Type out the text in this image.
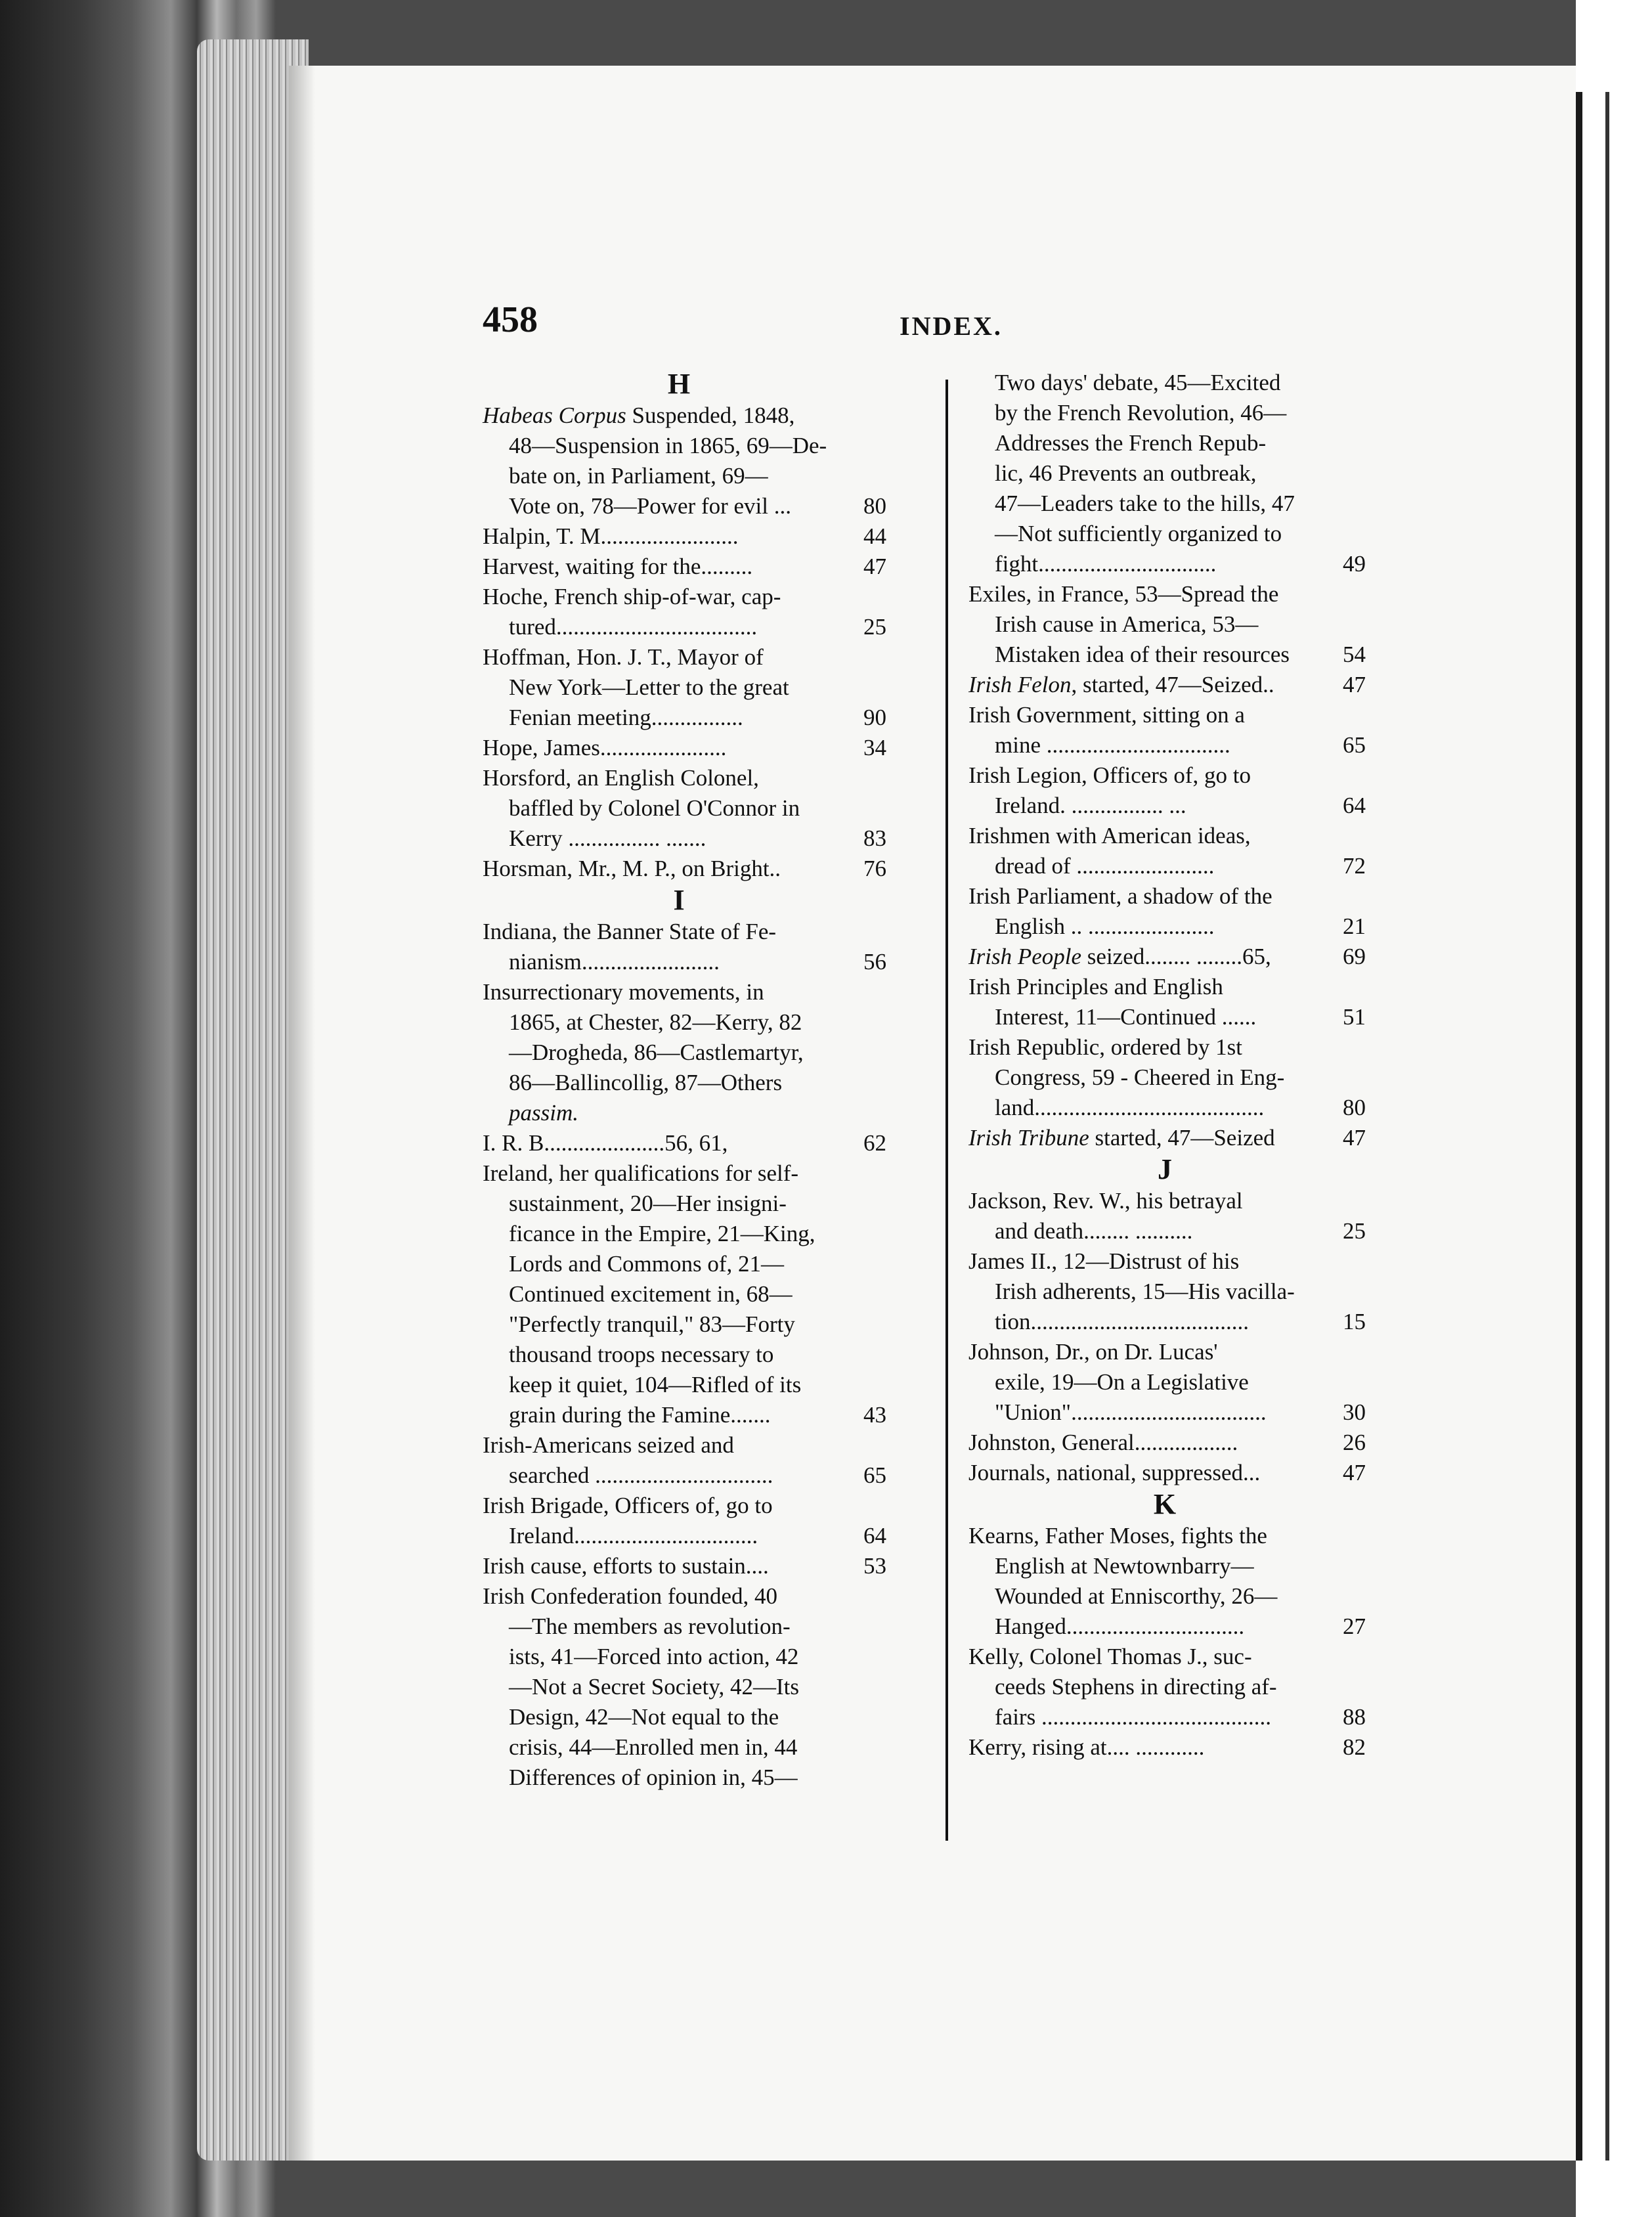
458	INDEX.
H
Habeas Corpus Suspended, 1848,
48—Suspension in 1865, 69—De-
bate on, in Parliament, 69—
Vote on, 78—Power for evil ...	80
Halpin, T. M........................	44
Harvest, waiting for the.........	47
Hoche, French ship-of-war, cap-
tured...................................	25
Hoffman, Hon. J. T., Mayor of
New York—Letter to the great
Fenian meeting................	90
Hope, James......................	34
Horsford, an English Colonel,
baffled by Colonel O'Connor in
Kerry ................ .......	83
Horsman, Mr., M. P., on Bright..	76
I
Indiana, the Banner State of Fe-
nianism........................	56
Insurrectionary movements, in
1865, at Chester, 82—Kerry, 82
—Drogheda, 86—Castlemartyr,
86—Ballincollig, 87—Others
passim.
I. R. B.....................56, 61,	62
Ireland, her qualifications for self-
sustainment, 20—Her insigni-
ficance in the Empire, 21—King,
Lords and Commons of, 21—
Continued excitement in, 68—
"Perfectly tranquil," 83—Forty
thousand troops necessary to
keep it quiet, 104—Rifled of its
grain during the Famine.......	43
Irish-Americans seized and
searched ...............................	65
Irish Brigade, Officers of, go to
Ireland................................	64
Irish cause, efforts to sustain....	53
Irish Confederation founded, 40
—The members as revolution-
ists, 41—Forced into action, 42
—Not a Secret Society, 42—Its
Design, 42—Not equal to the
crisis, 44—Enrolled men in, 44
Differences of opinion in, 45—
Two days' debate, 45—Excited
by the French Revolution, 46—
Addresses the French Repub-
lic, 46 Prevents an outbreak,
47—Leaders take to the hills, 47
—Not sufficiently organized to
fight...............................	49
Exiles, in France, 53—Spread the
Irish cause in America, 53—
Mistaken idea of their resources	54
Irish Felon, started, 47—Seized..	47
Irish Government, sitting on a
mine ................................	65
Irish Legion, Officers of, go to
Ireland. ................ ...	64
Irishmen with American ideas,
dread of ........................	72
Irish Parliament, a shadow of the
English .. ......................	21
Irish People seized........ ........65,	69
Irish Principles and English
Interest, 11—Continued ......	51
Irish Republic, ordered by 1st
Congress, 59 - Cheered in Eng-
land........................................	80
Irish Tribune started, 47—Seized	47
J
Jackson, Rev. W., his betrayal
and death........ ..........	25
James II., 12—Distrust of his
Irish adherents, 15—His vacilla-
tion......................................	15
Johnson, Dr., on Dr. Lucas'
exile, 19—On a Legislative
"Union"..................................	30
Johnston, General..................	26
Journals, national, suppressed...	47
K
Kearns, Father Moses, fights the
English at Newtownbarry—
Wounded at Enniscorthy, 26—
Hanged...............................	27
Kelly, Colonel Thomas J., suc-
ceeds Stephens in directing af-
fairs ........................................	88
Kerry, rising at.... ............	82
